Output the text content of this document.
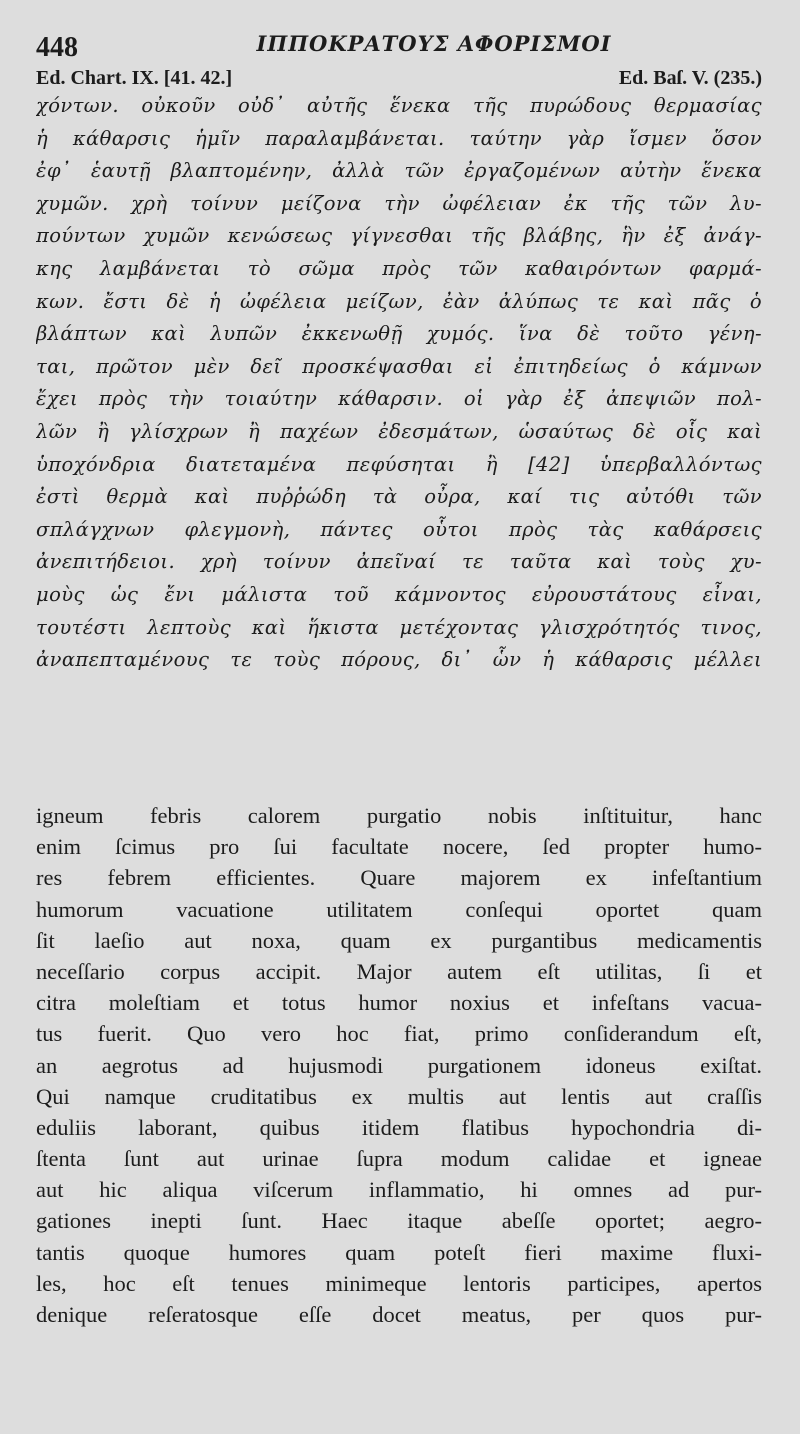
448	ΙΠΠΟΚΡΑΤΟΥΣ ΑΦΟΡΙΣΜΟΙ
Ed. Chart. IX. [41. 42.]	Ed. Baſ. V. (235.)
χόντων. οὐκοῦν οὐδ᾽ αὐτῆς ἕνεκα τῆς πυρώδους θερμασίας
ἡ κάθαρσις ἡμῖν παραλαμβάνεται. ταύτην γὰρ ἴσμεν ὅσον
ἐφ᾽ ἑαυτῇ βλαπτομένην, ἀλλὰ τῶν ἐργαζομένων αὐτὴν ἕνεκα
χυμῶν. χρὴ τοίνυν μείζονα τὴν ὠφέλειαν ἐκ τῆς τῶν λυ-
πούντων χυμῶν κενώσεως γίγνεσθαι τῆς βλάβης, ἣν ἐξ ἀνάγ-
κης λαμβάνεται τὸ σῶμα πρὸς τῶν καθαιρόντων φαρμά-
κων. ἔστι δὲ ἡ ὠφέλεια μείζων, ἐὰν ἀλύπως τε καὶ πᾶς ὁ
βλάπτων καὶ λυπῶν ἐκκενωθῇ χυμός. ἵνα δὲ τοῦτο γένη-
ται, πρῶτον μὲν δεῖ προσκέψασθαι εἰ ἐπιτηδείως ὁ κάμνων
ἔχει πρὸς τὴν τοιαύτην κάθαρσιν. οἱ γὰρ ἐξ ἀπεψιῶν πολ-
λῶν ἢ γλίσχρων ἢ παχέων ἐδεσμάτων, ὡσαύτως δὲ οἷς καὶ
ὑποχόνδρια διατεταμένα πεφύσηται ἢ [42] ὑπερβαλλόντως
ἐστὶ θερμὰ καὶ πυῤῥώδη τὰ οὖρα, καί τις αὐτόθι τῶν
σπλάγχνων φλεγμονὴ, πάντες οὗτοι πρὸς τὰς καθάρσεις
ἀνεπιτήδειοι. χρὴ τοίνυν ἀπεῖναί τε ταῦτα καὶ τοὺς χυ-
μοὺς ὡς ἔνι μάλιστα τοῦ κάμνοντος εὐρουστάτους εἶναι,
τουτέστι λεπτοὺς καὶ ἥκιστα μετέχοντας γλισχρότητός τινος,
ἀναπεπταμένους τε τοὺς πόρους, δι᾽ ὧν ἡ κάθαρσις μέλλει
igneum febris calorem purgatio nobis inſtituitur, hanc
enim ſcimus pro ſui facultate nocere, ſed propter humo-
res febrem efficientes. Quare majorem ex infeſtantium
humorum vacuatione utilitatem conſequi oportet quam
ſit laeſio aut noxa, quam ex purgantibus medicamentis
neceſſario corpus accipit. Major autem eſt utilitas, ſi et
citra moleſtiam et totus humor noxius et infeſtans vacua-
tus fuerit. Quo vero hoc fiat, primo conſiderandum eſt,
an aegrotus ad hujusmodi purgationem idoneus exiſtat.
Qui namque cruditatibus ex multis aut lentis aut craſſis
eduliis laborant, quibus itidem flatibus hypochondria di-
ſtenta ſunt aut urinae ſupra modum calidae et igneae
aut hic aliqua viſcerum inflammatio, hi omnes ad pur-
gationes inepti ſunt. Haec itaque abeſſe oportet; aegro-
tantis quoque humores quam poteſt fieri maxime fluxi-
les, hoc eſt tenues minimeque lentoris participes, apertos
denique reſeratosque eſſe docet meatus, per quos pur-
